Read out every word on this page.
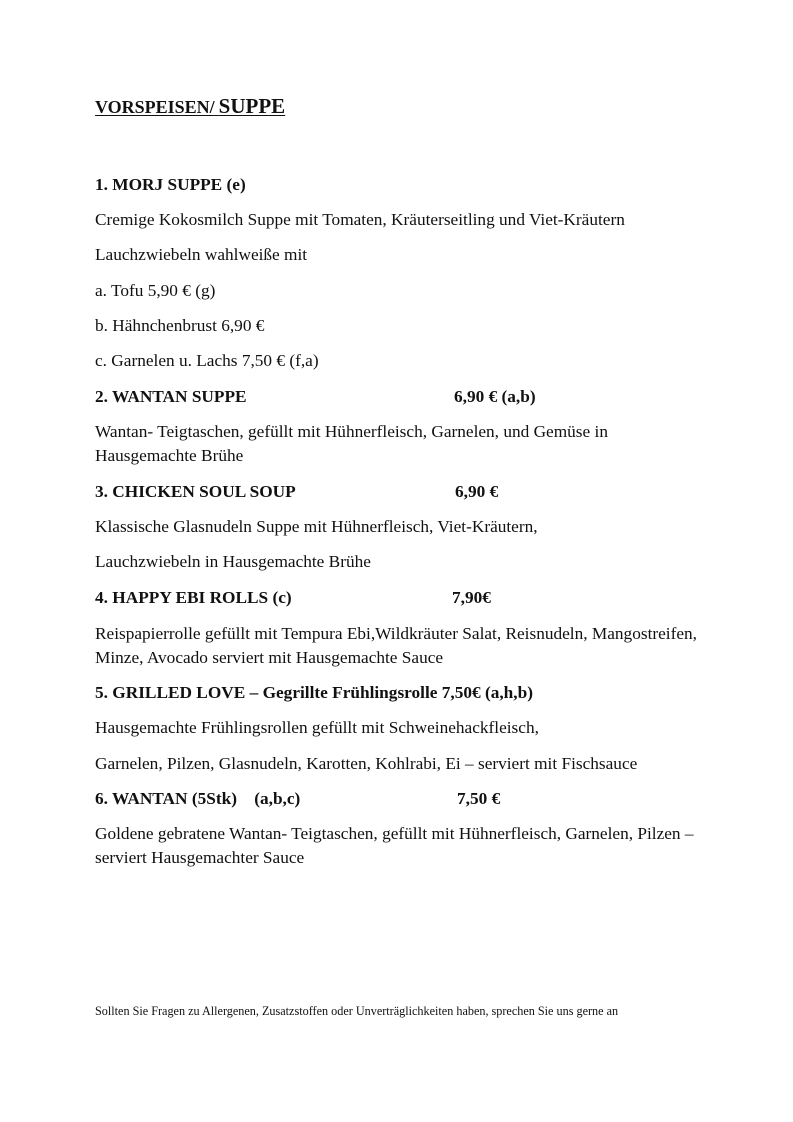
VORSPEISEN/ SUPPE
1. MORJ SUPPE (e)
Cremige Kokosmilch Suppe mit Tomaten, Kräuterseitling und Viet-Kräutern
Lauchzwiebeln wahlweiße mit
a. Tofu 5,90 € (g)
b. Hähnchenbrust 6,90 €
c. Garnelen u. Lachs 7,50 € (f,a)
2. WANTAN SUPPE	6,90 € (a,b)
Wantan- Teigtaschen, gefüllt mit Hühnerfleisch, Garnelen, und Gemüse in Hausgemachte Brühe
3. CHICKEN SOUL SOUP	6,90 €
Klassische Glasnudeln Suppe mit Hühnerfleisch, Viet-Kräutern,
Lauchzwiebeln in Hausgemachte Brühe
4. HAPPY EBI ROLLS (c)	7,90€
Reispapierrolle gefüllt mit Tempura Ebi,Wildkräuter Salat, Reisnudeln, Mangostreifen, Minze, Avocado serviert mit Hausgemachte Sauce
5. GRILLED LOVE – Gegrillte Frühlingsrolle 7,50€ (a,h,b)
Hausgemachte Frühlingsrollen gefüllt mit Schweinehackfleisch,
Garnelen, Pilzen, Glasnudeln, Karotten, Kohlrabi, Ei – serviert mit Fischsauce
6. WANTAN (5Stk)    (a,b,c)	7,50 €
Goldene gebratene Wantan- Teigtaschen, gefüllt mit Hühnerfleisch, Garnelen, Pilzen – serviert Hausgemachter Sauce
Sollten Sie Fragen zu Allergenen, Zusatzstoffen oder Unverträglichkeiten haben, sprechen Sie uns gerne an
